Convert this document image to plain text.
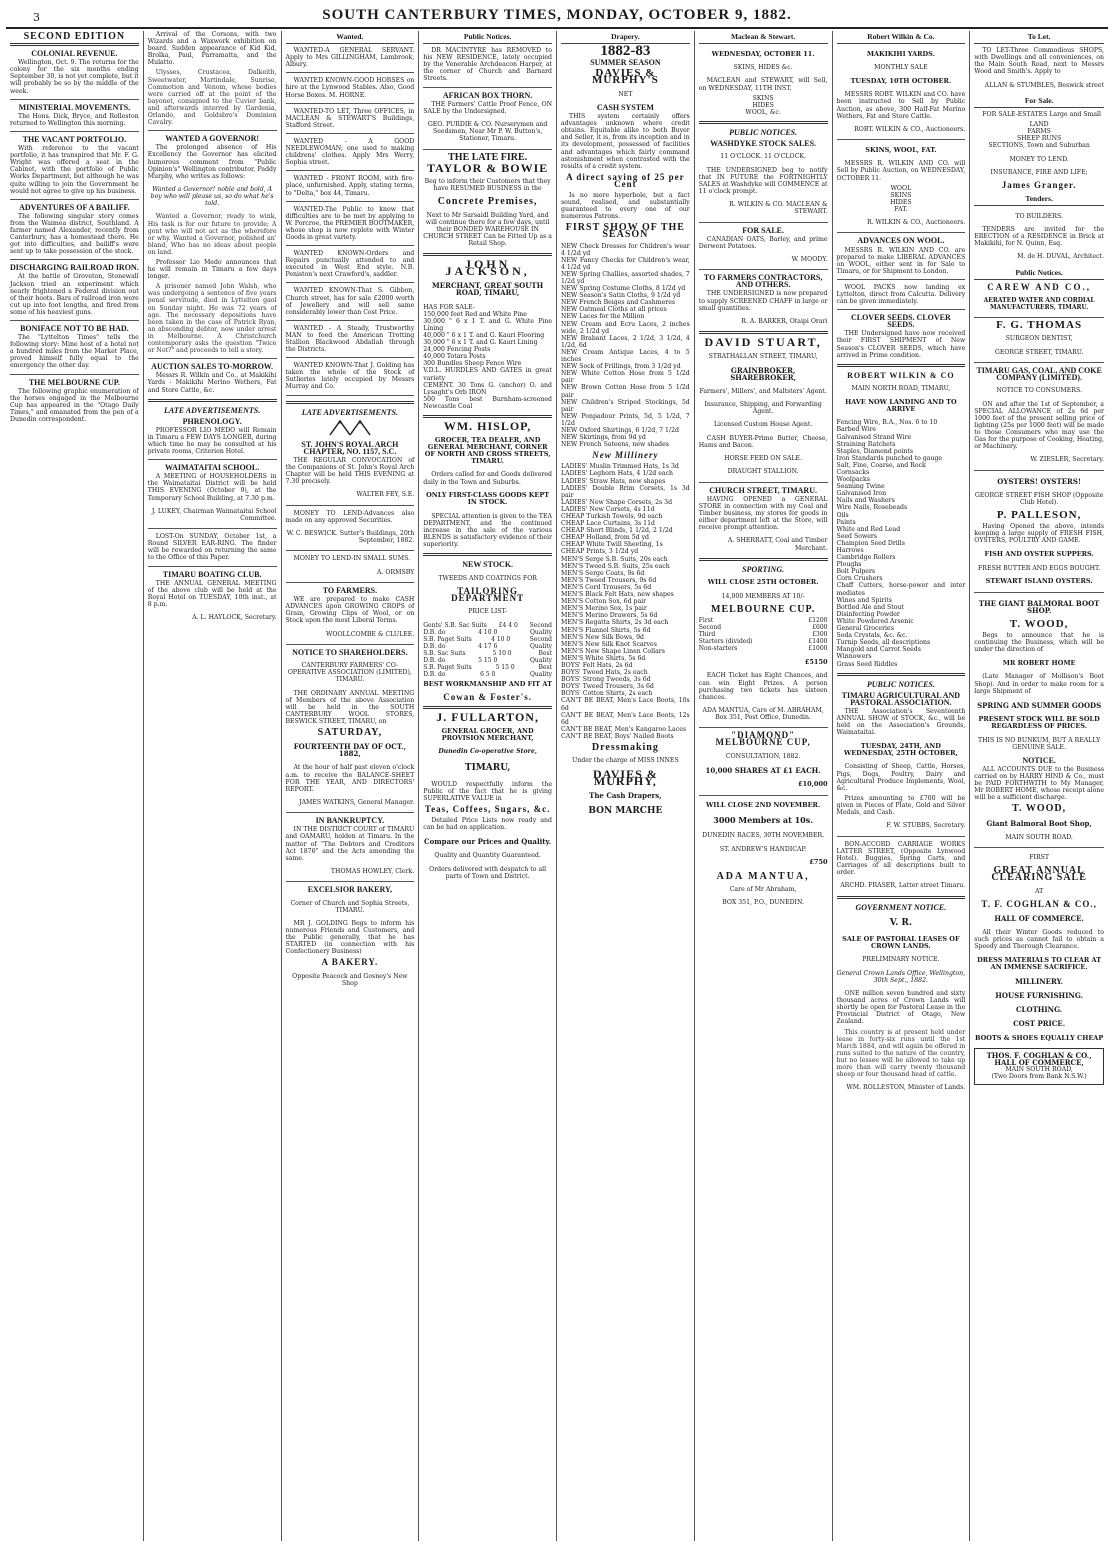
3	SOUTH CANTERBURY TIMES, MONDAY, OCTOBER 9, 1882.
SECOND EDITION
COLONIAL REVENUE.

Wellington, Oct. 9. The returns for the colony for the six months ending September 30, is not yet complete, but it will probably be so by the middle of the week.

MINISTERIAL MOVEMENTS.

The Hons. Dick, Bryce, and Rolleston returned to Wellington this morning.

THE VACANT PORTFOLIO.

With reference to the vacant portfolio, it has transpired that Mr. F. G. Wright was offered a seat in the Cabinet, with the portfolio of Public Works Department, but although he was quite willing to join the Government he would not agree to give up his business.

ADVENTURES OF A BAILIFF.

The following singular story comes from the Waimea district, Southland. A farmer named Alexander, recently from Canterbury, has a homestead there. He got into difficulties, and bailiff's were sent up to take possession of the stock.

DISCHARGING RAILROAD IRON.

At the battle of Groveton, Stonewall Jackson tried an experiment which nearly frightened a Federal division out of their boots. Bars of railroad iron were cut up into foot lengths, and fired from some of his heaviest guns.

BONIFACE NOT TO BE HAD.

The "Lyttelton Times" tells the following story: Mine host of a hotel not a hundred miles from the Market Place, proved himself fully equal to the emergency the other day.

THE MELBOURNE CUP.

The following graphic enumeration of the horses engaged in the Melbourne Cup has appeared in the "Otago Daily Times," and emanated from the pen of a Dunedin correspondent.

Arrival of the Corsons, with two Wizards and a Waxwork exhibition on board. Sudden appearance of Kid Kid, Brolka, Paul, Parramatta, and the Mulatto.

Ulysses, Crustacea, Dalkeith, Sweetwater, Martindale, Sunrise, Commotion and Venom, whose bodies were carried off at the point of the bayonet, consigned to the Cuvier bank, and afterwards interred by Gardenia, Orlando, and Goldsbro's Dominion Cavalry.

WANTED A GOVERNOR!

The prolonged absence of His Excellency the Governor has elicited humorous comment from "Public Opinion's" Wellington contributor, Paddy Murphy, who writes as follows:

Wanted a Governor! noble and bold, A boy who will please us, so do what he's told.

Wanted a Governor, ready to wink, His task is for our future to provide; A gent who will not act as the wherefore or why. Wanted a Governor, polished an' bland, Who has no ideas about people on land.

Professor Lio Medo announces that he will remain in Timaru a few days longer.

A prisoner named John Walsh, who was undergoing a sentence of five years penal servitude, died in Lyttelton gaol on Sunday night. He was 72 years of age. The necessary depositions have been taken in the case of Patrick Ryan, an absconding debtor, now under arrest in Melbourne. A Christchurch contemporary asks the question "Twice or Not?" and proceeds to tell a story.

AUCTION SALES TO-MORROW.

Messrs R. Wilkin and Co., at Makikihi Yards - Makikihi Merino Wethers, Fat and Store Cattle, &c.

LATE ADVERTISEMENTS.
PHRENOLOGY.

PROFESSOR LIO MEDO will Remain in Timaru a FEW DAYS LONGER, during which time he may be consulted at his private rooms, Criterion Hotel.

WAIMATAITAI SCHOOL.

A MEETING of HOUSEHOLDERS in the Waimataitai District will be held THIS EVENING (October 9), at the Temporary School Building, at 7.30 p.m.

J. LUKEY, Chairman Waimataitai School Committee.

LOST-On SUNDAY, October 1st, a Round SILVER EAR-RING. The finder will be rewarded on returning the same to the Office of this Paper.

TIMARU BOATING CLUB.

THE ANNUAL GENERAL MEETING of the above club will be held at the Royal Hotel on TUESDAY, 10th inst., at 8 p.m.

A. L. HAYLOCK, Secretary.

Wanted.

WANTED-A GENERAL SERVANT. Apply to Mrs GILLINGHAM, Lambrook, Albury.

WANTED KNOWN-GOOD HORSES on hire at the Lynwood Stables. Also, Good Horse Boxes. M. HORNE.

WANTED-TO LET, Three OFFICES, in MACLEAN & STEWART'S Buildings, Stafford Street.

WANTED - A GOOD NEEDLEWOMAN; one used to making childrens' clothes. Apply Mrs Werry, Sophia street.

WANTED - FRONT ROOM, with fire-place, unfurnished. Apply, stating terms, to "Delta," box 44, Timaru.

WANTED-The Public to know that difficulties are to be met by applying to W. Porcroe, the PREMIER BOOTMAKER, whose shop is now replete with Winter Goods in great variety.

WANTED KNOWN-Orders and Repairs punctually attended to and executed in West End style. N.B. Peniston's next Crawford's, saddler.

WANTED KNOWN-That S. Gibbon, Church street, has for sale £2000 worth of Jewellery and will sell same considerably lower than Cost Price.

WANTED - A Steady, Trustworthy MAN to feed the American Trotting Stallion Blackwood Abdallah through the Districts.

WANTED KNOWN-That J. Golding has taken the whole of the Stock of Sutlieries lately occupied by Messrs Murray and Co.

LATE ADVERTISEMENTS.
ST. JOHN'S ROYAL ARCH CHAPTER, NO. 1157, S.C.

THE REGULAR CONVOCATION of the Companions of St. John's Royal Arch Chapter will be held THIS EVENING at 7.30 precisely.

WALTER FEY, S.E.

MONEY TO LEND-Advances also made on any approved Securities.

W. C. BESWICK. Sutter's Buildings, 20th September, 1882.

MONEY TO LEND-IN SMALL SUMS.

A. ORMSBY

TO FARMERS.

WE are prepared to make CASH ADVANCES upon GROWING CROPS of Grain, Growing Clips of Wool, or on Stock upon the most Liberal Terms.

WOOLLCOMBE & CLULEE.

NOTICE TO SHAREHOLDERS.

CANTERBURY FARMERS' CO-OPERATIVE ASSOCIATION (LIMITED), TIMARU.

THE ORDINARY ANNUAL MEETING of Members of the above Association will be held in the SOUTH CANTERBURY WOOL STORES, BESWICK STREET, TIMARU, on

SATURDAY,

FOURTEENTH DAY OF OCT., 1882,

At the hour of half past eleven o'clock a.m. to receive the BALANCE-SHEET FOR THE YEAR, AND DIRECTORS' REPORT.

JAMES WATKINS, General Manager.

IN BANKRUPTCY.

IN THE DISTRICT COURT of TIMARU and OAMARU, holden at Timaru. In the matter of "The Debtors and Creditors Act 1876" and the Acts amending the same.

THOMAS HOWLEY, Clerk.

EXCELSIOR BAKERY,

Corner of Church and Sophia Streets, TIMARU.

MR J. GOLDING Begs to inform his numerous Friends and Customers, and the Public generally, that he has STARTED (in connection with his Confectionery Business)

A BAKERY.

Opposite Peacock and Gosney's New Shop

Public Notices.

DR MACINTYRE has REMOVED to his NEW RESIDENCE, lately occupied by the Venerable Archdeacon Harper, at the corner of Church and Barnard Streets.

AFRICAN BOX THORN.

THE Farmers' Cattle Proof Fence, ON SALE by the Undersigned.

GEO. PURDIE & CO. Nurserymen and Seedsmen, Near Mr P. W. Button's, Stationer, Timaru.

THE LATE FIRE.
TAYLOR & BOWIE

Beg to inform their Customers that they have RESUMED BUSINESS in the

Concrete Premises,

Next to Mr Sarsaidl Building Yard, and will continue there for a few days, until their BONDED WAREHOUSE IN CHURCH STREET Can be Fitted Up as a Retail Shop.

JOHN JACKSON,

MERCHANT, GREAT SOUTH ROAD, TIMARU,

HAS FOR SALE-
150,000 feet Red and White Pine
30,000 " 6 x 1 T. and G. White Pine Lining
40,000 " 6 x 1 T. and G. Kauri Flooring
30,000 " 6 x 1 T. and G. Kauri Lining
24,000 Fencing Posts
40,000 Totara Posts
300 Bundles Sheep Fence Wire
V.D.L. HURDLES AND GATES in great variety
CEMENT. 30 Tons G. (anchor) O. and Lysaght's Orb IRON
500 Tons best Burnham-screened Newcastle Coal
WM. HISLOP,

GROCER, TEA DEALER, AND GENERAL MERCHANT, CORNER OF NORTH AND CROSS STREETS, TIMARU.

Orders called for and Goods delivered daily in the Town and Suburbs.

ONLY FIRST-CLASS GOODS KEPT IN STOCK.

SPECIAL attention is given to the TEA DEPARTMENT, and the continued increase in the sale of the various BLENDS is satisfactory evidence of their superiority.

NEW STOCK.

TWEEDS AND COATINGS FOR

TAILORING DEPARTMENT

PRICE LIST-

Gents' S.B. Sac Suits £4 4 0 Second
D.B. do	4 10 0	Quality
S.B. Paget Suits	4 10 0	Second
D.B. do	4 17 6	Quality
S.B. Sac Suits	5 10 0	Best
D.B. do	5 15 0	Quality
S.B. Paget Suits	5 15 0	Best
D.B. do	6 5 0	Quality

BEST WORKMANSHIP AND FIT AT

Cowan & Foster's.
J. FULLARTON,

GENERAL GROCER, AND PROVISION MERCHANT,

Dunedin Co-operative Store,

TIMARU,

WOULD respectfully inform the Public of the fact that he is giving SUPERLATIVE VALUE in

Teas, Coffees, Sugars, &c.

Detailed Price Lists now ready and can be had on application.

Compare our Prices and Quality.

Quality and Quantity Guaranteed.

Orders delivered with despatch to all parts of Town and District.

Drapery.
1882-83
SUMMER SEASON
DAVIES & MURPHY'S

NET

CASH SYSTEM

THIS system certainly offers advantages unknown where credit obtains. Equitable alike to both Buyer and Seller, it is, from its inception and in its development, possessed of facilities and advantages which fairly command astonishment when contrasted with the results of a credit system.

A direct saving of 25 per Cent

Is no mere hyperbole, but a fact sound, realised, and substantially guaranteed to every one of our numerous Patrons.

FIRST SHOW OF THE SEASON
NEW Check Dresses for Children's wear 4 1/2d yd
NEW Fancy Checks for Children's wear, 4 1/2d yd
NEW Spring Challies, assorted shades, 7 1/2d yd
NEW Spring Costume Cloths, 8 1/2d yd
NEW Season's Satin Cloths, 9 1/2d yd
NEW French Beiges and Cashmeres
NEW Oatmeal Cloths at all prices
NEW Laces for the Million
NEW Cream and Ecru Laces, 2 inches wide, 2 1/2d yd
NEW Brabant Laces, 2 1/2d, 3 1/2d, 4 1/2d, 6d
NEW Cream Antique Laces, 4 to 5 inches
NEW Sock of Frillings, from 3 1/2d yd
NEW White Cotton Hose from 5 1/2d pair
NEW Brown Cotton Hose from 5 1/2d pair
NEW Children's Striped Stockings, 5d pair
NEW Ponpadour Prints, 5d, 5 1/2d, 7 1/2d
NEW Oxford Shirtings, 6 1/2d, 7 1/2d
NEW Skirtings, from 9d yd
NEW French Sateens, new shades
New Millinery
LADIES' Muslin Trimmed Hats, 1s 3d
LADIES' Leghorn Hats, 4 1/2d each
LADIES' Straw Hats, new shapes
LADIES' Double Brim Corsets, 1s 3d pair
LADIES' New Shape Corsets, 2s 3d
LADIES' New Corsets, 4s 11d
CHEAP Turkish Towels, 9d each
CHEAP Lace Curtains, 3s 11d
CHEAP Short Blinds, 1 1/2d, 2 1/2d
CHEAP Holland, from 5d yd
CHEAP White Twill Sheeting, 1s
CHEAP Prints, 3 1/2d yd
MEN'S Serge S.B. Suits, 20s each
MEN'S Tweed S.B. Suits, 25s each
MEN'S Serge Coats, 9s 6d
MEN'S Tweed Trousers, 9s 6d
MEN'S Cord Trousers, 5s 6d
MEN'S Black Felt Hats, new shapes
MEN'S Cotton Sox, 6d pair
MEN'S Merino Sox, 1s pair
MEN'S Merino Drawers, 5s 6d
MEN'S Regatta Shirts, 2s 3d each
MEN'S Flannel Shirts, 5s 6d
MEN'S New Silk Bows, 9d
MEN'S New Silk Knot Scarves
MEN'S New Shape Linen Collars
MEN'S White Shirts, 5s 6d
BOYS' Felt Hats, 2s 6d
BOYS' Tweed Hats, 2s each
BOYS' Strong Tweeds, 3s 6d
BOYS' Tweed Trousers, 3s 6d
BOYS' Cotton Shirts, 2s each
CAN'T BE BEAT, Men's Lace Boots, 10s 6d
CAN'T BE BEAT, Men's Lace Boots, 12s 6d
CAN'T BE BEAT, Men's Kangaroo Laces
CAN'T BE BEAT, Boys' Nailed Boots
Dressmaking

Under the charge of MISS INNES

DAVIES & MURPHY,

The Cash Drapers,

BON MARCHE

Maclean & Stewart.

WEDNESDAY, OCTOBER 11.

SKINS, HIDES &c.

MACLEAN and STEWART, will Sell, on WEDNESDAY, 11TH INST.

SKINS
HIDES
WOOL, &c.
PUBLIC NOTICES.
WASHDYKE STOCK SALES.

11 O'CLOCK. 11 O'CLOCK.

THE UNDERSIGNED beg to notify that IN FUTURE the FORTNIGHTLY SALES at Washdyke will COMMENCE at 11 o'clock prompt.

R. WILKIN & CO. MACLEAN & STEWART.

FOR SALE.

CANADIAN OATS, Barley, and prime Derwent Potatoes.

W. MOODY.

TO FARMERS CONTRACTORS, AND OTHERS.

THE UNDERSIGNED is now prepared to supply SCREENED CHAFF in large or small quantities.

R. A. BARKER, Otaipi Orari

DAVID STUART,

STRATHALLAN STREET, TIMARU,

GRAINBROKER, SHAREBROKER,

Farmers', Millers', and Maltsters' Agent.

Insurance, Shipping, and Forwarding Agent.

Licensed Custom House Agent.

CASH BUYER-Prime Butter, Cheese, Hams and Bacon.

HORSE FEED ON SALE.

DRAUGHT STALLION.

CHURCH STREET, TIMARU.

HAVING OPENED a GENERAL STORE in connection with my Coal and Timber business, my stores for goods in either department left at the Store, will receive prompt attention.

A. SHERRATT, Coal and Timber Merchant.

SPORTING.

WILL CLOSE 25TH OCTOBER.

14,000 MEMBERS AT 10/-

MELBOURNE CUP.
First	£1200
Second	£600
Third	£300
Starters (divided)	£1400
Non-starters	£1000

£5150

EACH Ticket has Eight Chances, and can win Eight Prizes. A person purchasing two tickets has sixteen chances.

ADA MANTUA, Care of M. ABRAHAM, Box 351, Post Office, Dunedin.

"DIAMOND" MELBOURNE CUP,

CONSULTATION, 1882.

10,000 SHARES AT £1 EACH.

£10,000

WILL CLOSE 2ND NOVEMBER.

3000 Members at 10s.

DUNEDIN RACES, 30TH NOVEMBER.

ST. ANDREW'S HANDICAP.

£750

ADA MANTUA,

Care of Mr Abraham,

BOX 351, P.O., DUNEDIN.

Robert Wilkin & Co.

MAKIKIHI YARDS.

MONTHLY SALE

TUESDAY, 10TH OCTOBER.

MESSRS ROBT. WILKIN and CO. have been instructed to Sell by Public Auction, as above, 300 Half-Fat Merino Wethers, Fat and Store Cattle.

ROBT. WILKIN & CO., Auctioneers.

SKINS, WOOL, FAT.

MESSRS R. WILKIN AND CO. will Sell by Public Auction, on WEDNESDAY, OCTOBER 11.

WOOL
SKINS
HIDES
FAT.

R. WILKIN & CO., Auctioneers.

ADVANCES ON WOOL.

MESSRS R. WILKIN AND CO. are prepared to make LIBERAL ADVANCES on WOOL, either sent in for Sale to Timaru, or for Shipment to London.

WOOL PACKS now landing ex Lyttelton, direct from Calcutta. Delivery can be given immediately.

CLOVER SEEDS. CLOVER SEEDS.

THE Undersigned have now received their FIRST SHIPMENT of New Season's CLOVER SEEDS, which have arrived in Prime condition.

ROBERT WILKIN & CO

MAIN NORTH ROAD, TIMARU,

HAVE NOW LANDING AND TO ARRIVE

Fencing Wire, B.A., Nos. 6 to 10
Barbed Wire
Galvanised Strand Wire
Straining Ratchets
Staples, Diamond points
Iron Standards punched to gauge
Salt, Fine, Coarse, and Rock
Cornsacks
Woolpacks
Seaming Twine
Galvanised Iron
Nails and Washers
Wire Nails, Rosebeads
Oils
Paints
White and Red Lead
Seed Sowers
Champion Seed Drills
Harrows
Cambridge Rollers
Ploughs
Bolt Pulpers
Corn Crushers
Chaff Cutters, horse-power and inter mediates
Wines and Spirits
Bottled Ale and Stout
Disinfecting Powder
White Powdered Arsenic
General Groceries
Soda Crystals, &c. &c.
Turnip Seeds, all descriptions
Mangold and Carrot Seeds
Winnowers
Grass Seed Riddles
PUBLIC NOTICES.
TIMARU AGRICULTURAL AND PASTORAL ASSOCIATION.

THE Association's Seventeenth ANNUAL SHOW of STOCK, &c., will be held on the Association's Grounds, Waimataitai.

TUESDAY, 24TH, AND WEDNESDAY, 25TH OCTOBER,

Consisting of Sheep, Cattle, Horses, Pigs, Dogs, Poultry, Dairy and Agricultural Produce Implements, Wool, &c.

Prizes amounting to £700 will be given in Pieces of Plate, Gold and Silver Medals, and Cash.

F. W. STUBBS, Secretary.

BON-ACCORD CARRIAGE WORKS LATTER STREET, (Opposite Lynwood Hotel). Buggies, Spring Carts, and Carriages of all descriptions built to order.

ARCHD. FRASER, Latter street Timaru.

GOVERNMENT NOTICE.

V. R.

SALE OF PASTORAL LEASES OF CROWN LANDS.

PRELIMINARY NOTICE.

General Crown Lands Office, Wellington, 30th Sept., 1882.

ONE million seven hundred and sixty thousand acres of Crown Lands will shortly be open for Pastoral Lease in the Provincial District of Otago, New Zealand.

This country is at present held under lease in forty-six runs until the 1st March 1884, and will again be offered in runs suited to the nature of the country, but no lessee will be allowed to take up more than will carry twenty thousand sheep or four thousand head of cattle.

WM. ROLLESTON, Minister of Lands.

To Let.

TO LET-Three Commodious SHOPS, with Dwellings and all conveniences, on the Main South Road, next to Messrs Wood and Smith's. Apply to

ALLAN & STUMBLES, Beswick street

For Sale.

FOR SALE-ESTATES Large and Small

LAND
FARMS
SHEEP RUNS
SECTIONS, Town and Suburban

MONEY TO LEND.

INSURANCE, FIRE AND LIFE;

James Granger.
Tenders.

TO BUILDERS.

TENDERS are invited for the ERECTION of a RESIDENCE in Brick at Makikihi, for N. Quinn, Esq.

M. de H. DUVAL, Architect.

Public Notices.
CAREW AND CO.,

AERATED WATER AND CORDIAL MANUFACTURERS, TIMARU.

F. G. THOMAS

SURGEON DENTIST,

GEORGE STREET, TIMARU.

TIMARU GAS, COAL, AND COKE COMPANY (LIMITED).

NOTICE TO CONSUMERS.

ON and after the 1st of September, a SPECIAL ALLOWANCE of 2s 6d per 1000 feet of the present selling price of lighting (25s per 1000 feet) will be made to those Consumers who may use the Gas for the purpose of Cooking, Heating, or Machinery.

W. ZIESLER, Secretary.

OYSTERS! OYSTERS!

GEORGE STREET FISH SHOP (Opposite Club Hotel).

P. PALLESON,

Having Opened the above, intends keeping a large supply of FRESH FISH, OYSTERS, POULTRY AND GAME.

FISH AND OYSTER SUPPERS.

FRESH BUTTER AND EGGS BOUGHT.

STEWART ISLAND OYSTERS.

THE GIANT BALMORAL BOOT SHOP.

T. WOOD,

Begs to announce that he is continuing the Business, which will be under the direction of

MR ROBERT HOME

(Late Manager of Mollison's Boot Shop). And in order to make room for a large Shipment of

SPRING AND SUMMER GOODS

PRESENT STOCK WILL BE SOLD REGARDLESS OF PRICES.

THIS IS NO BUNKUM, BUT A REALLY GENUINE SALE.

NOTICE.

ALL ACCOUNTS DUE to the Business carried on by HARRY HIND & Co., must be PAID FORTHWITH to My Manager, Mr ROBERT HOME, whose receipt alone will be a sufficient discharge.

T. WOOD,

Giant Balmoral Boot Shop,

MAIN SOUTH ROAD.

FIRST

GREAT ANNUAL CLEARING SALE

AT

T. F. COGHLAN & CO.,

HALL OF COMMERCE.

All their Winter Goods reduced to such prices as cannot fail to obtain a Speedy and Thorough Clearance.

DRESS MATERIALS TO CLEAR AT AN IMMENSE SACRIFICE.

MILLINERY.

HOUSE FURNISHING.

CLOTHING.

COST PRICE.

BOOTS & SHOES EQUALLY CHEAP

THOS. F. COGHLAN & CO.,
HALL OF COMMERCE,
MAIN SOUTH ROAD,
(Two Doors from Bank N.S.W.)
